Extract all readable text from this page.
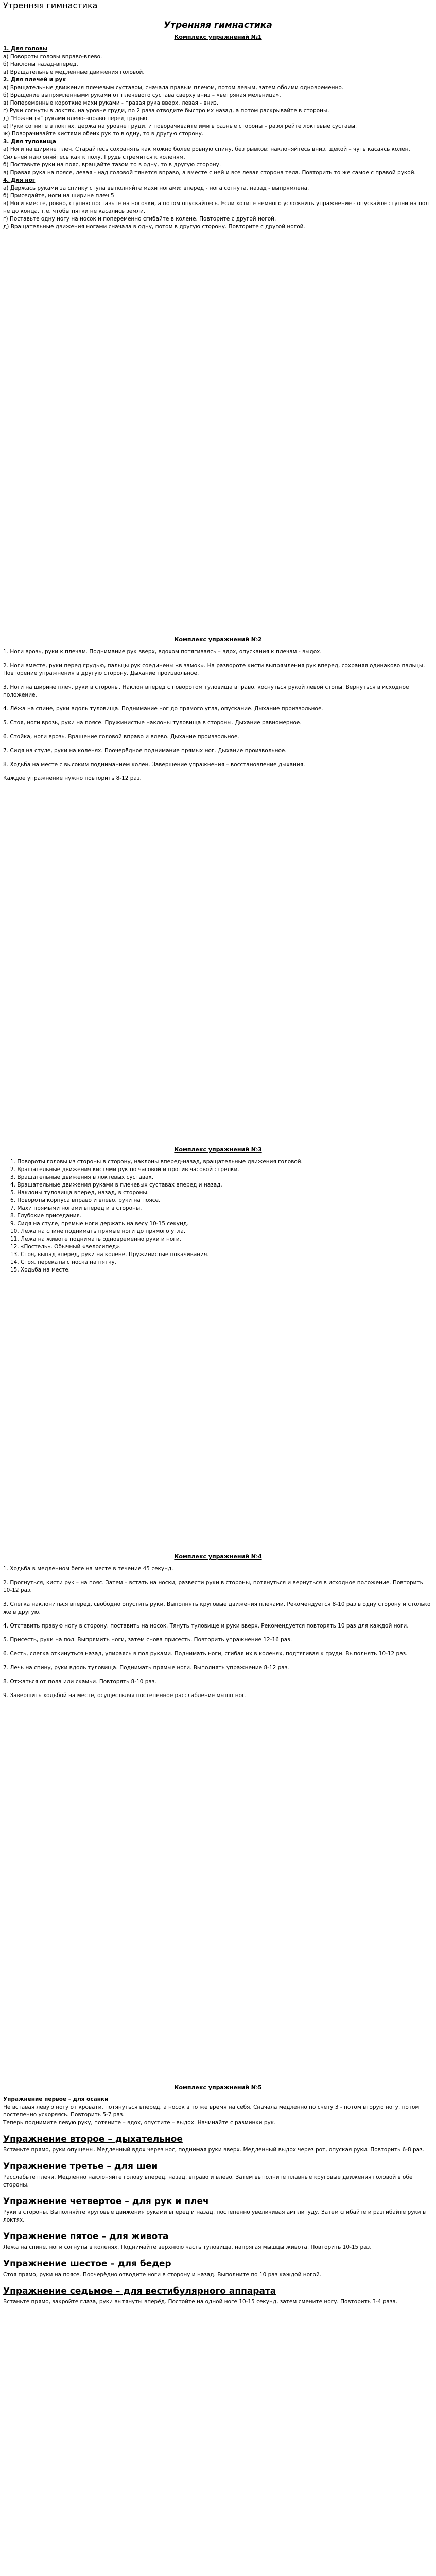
Утренняя гимнастика
Утренняя гимнастика
Комплекс упражнений №1

1. Для головы

а) Повороты головы вправо-влево.

б) Наклоны назад-вперед.

в) Вращательные медленные движения головой.

2. Для плечей и рук

а) Вращательные движения плечевым суставом, сначала правым плечом, потом левым, затем обоими одновременно.

б) Вращение выпрямленными руками от плечевого сустава сверху вниз – «ветряная мельница».

в) Попеременные короткие махи руками - правая рука вверх, левая - вниз.

г) Руки согнуты в локтях, на уровне груди, по 2 раза отводите быстро их назад, а потом раскрывайте в стороны.

д) "Ножницы" руками влево-вправо перед грудью.

е) Руки согните в локтях, держа на уровне груди, и поворачивайте ими в разные стороны – разогрейте локтевые суставы.

ж) Поворачивайте кистями обеих рук то в одну, то в другую сторону.

3. Для туловища

а) Ноги на ширине плеч. Старайтесь сохранять как можно более ровную спину, без рывков; наклоняйтесь вниз, щекой – чуть касаясь колен. Сильней наклоняйтесь как к полу. Грудь стремится к коленям.

б) Поставьте руки на пояс, вращайте тазом то в одну, то в другую сторону.

в) Правая рука на поясе, левая - над головой тянется вправо, а вместе с ней и все левая сторона тела. Повторить то же самое с правой рукой.

4. Для ног

а) Держась руками за спинку стула выполняйте махи ногами: вперед - нога согнута, назад - выпрямлена.

б) Приседайте, ноги на ширине плеч 5

в) Ноги вместе, ровно, ступню поставьте на носочки, а потом опускайтесь. Если хотите немного усложнить упражнение - опускайте ступни на пол не до конца, т.е. чтобы пятки не касались земли.

г) Поставьте одну ногу на носок и попеременно сгибайте в колене. Повторите с другой ногой.

д) Вращательные движения ногами сначала в одну, потом в другую сторону. Повторите с другой ногой.

Комплекс упражнений №2

1. Ноги врозь, руки к плечам. Поднимание рук вверх, вдохом потягиваясь – вдох, опускания к плечам - выдох.

2. Ноги вместе, руки перед грудью, пальцы рук соединены «в замок». На развороте кисти выпрямления рук вперед, сохраняя одинаково пальцы. Повторение упражнения в другую сторону. Дыхание произвольное.

3. Ноги на ширине плеч, руки в стороны. Наклон вперед с поворотом туловища вправо, коснуться рукой левой стопы. Вернуться в исходное положение.

4. Лёжа на спине, руки вдоль туловища. Поднимание ног до прямого угла, опускание. Дыхание произвольное.

5. Стоя, ноги врозь, руки на поясе. Пружинистые наклоны туловища в стороны. Дыхание равномерное.

6. Стойка, ноги врозь. Вращение головой вправо и влево. Дыхание произвольное.

7. Сидя на стуле, руки на коленях. Поочерёдное поднимание прямых ног. Дыхание произвольное.

8. Ходьба на месте с высоким подниманием колен. Завершение упражнения – восстановление дыхания.

Каждое упражнение нужно повторить 8-12 раз.

Комплекс упражнений №3

1. Повороты головы из стороны в сторону, наклоны вперед-назад, вращательные движения головой.

2. Вращательные движения кистями рук по часовой и против часовой стрелки.

3. Вращательные движения в локтевых суставах.

4. Вращательные движения руками в плечевых суставах вперед и назад.

5. Наклоны туловища вперед, назад, в стороны.

6. Повороты корпуса вправо и влево, руки на поясе.

7. Махи прямыми ногами вперед и в стороны.

8. Глубокие приседания.

9. Сидя на стуле, прямые ноги держать на весу 10-15 секунд.

10. Лежа на спине поднимать прямые ноги до прямого угла.

11. Лежа на животе поднимать одновременно руки и ноги.

12. «Постель». Обычный «велосипед».

13. Стоя, выпад вперед, руки на колене. Пружинистые покачивания.

14. Стоя, перекаты с носка на пятку.

15. Ходьба на месте.

Комплекс упражнений №4

1. Ходьба в медленном беге на месте в течение 45 секунд.

2. Прогнуться, кисти рук – на пояс. Затем – встать на носки, развести руки в стороны, потянуться и вернуться в исходное положение. Повторить 10-12 раз.

3. Слегка наклониться вперед, свободно опустить руки. Выполнять круговые движения плечами. Рекомендуется 8-10 раз в одну сторону и столько же в другую.

4. Отставить правую ногу в сторону, поставить на носок. Тянуть туловище и руки вверх. Рекомендуется повторять 10 раз для каждой ноги.

5. Присесть, руки на пол. Выпрямить ноги, затем снова присесть. Повторить упражнение 12-16 раз.

6. Сесть, слегка откинуться назад, упираясь в пол руками. Поднимать ноги, сгибая их в коленях, подтягивая к груди. Выполнять 10-12 раз.

7. Лечь на спину, руки вдоль туловища. Поднимать прямые ноги. Выполнять упражнение 8-12 раз.

8. Отжаться от пола или скамьи. Повторять 8-10 раз.

9. Завершить ходьбой на месте, осуществляя постепенное расслабление мышц ног.

Комплекс упражнений №5
Упражнение первое – для осанки

Не вставая левую ногу от кровати, потянуться вперед, а носок в то же время на себя. Сначала медленно по счёту 3 - потом вторую ногу, потом постепенно ускоряясь. Повторить 5-7 раз.

Теперь поднимите левую руку, потяните – вдох, опустите – выдох. Начинайте с разминки рук.

Упражнение второе – дыхательное

Встаньте прямо, руки опущены. Медленный вдох через нос, поднимая руки вверх. Медленный выдох через рот, опуская руки. Повторить 6-8 раз.

Упражнение третье – для шеи

Расслабьте плечи. Медленно наклоняйте голову вперёд, назад, вправо и влево. Затем выполните плавные круговые движения головой в обе стороны.

Упражнение четвертое – для рук и плеч

Руки в стороны. Выполняйте круговые движения руками вперёд и назад, постепенно увеличивая амплитуду. Затем сгибайте и разгибайте руки в локтях.

Упражнение пятое – для живота

Лёжа на спине, ноги согнуты в коленях. Поднимайте верхнюю часть туловища, напрягая мышцы живота. Повторить 10-15 раз.

Упражнение шестое – для бедер

Стоя прямо, руки на поясе. Поочерёдно отводите ноги в сторону и назад. Выполните по 10 раз каждой ногой.

Упражнение седьмое – для вестибулярного аппарата

Встаньте прямо, закройте глаза, руки вытянуты вперёд. Постойте на одной ноге 10-15 секунд, затем смените ногу. Повторить 3-4 раза.
